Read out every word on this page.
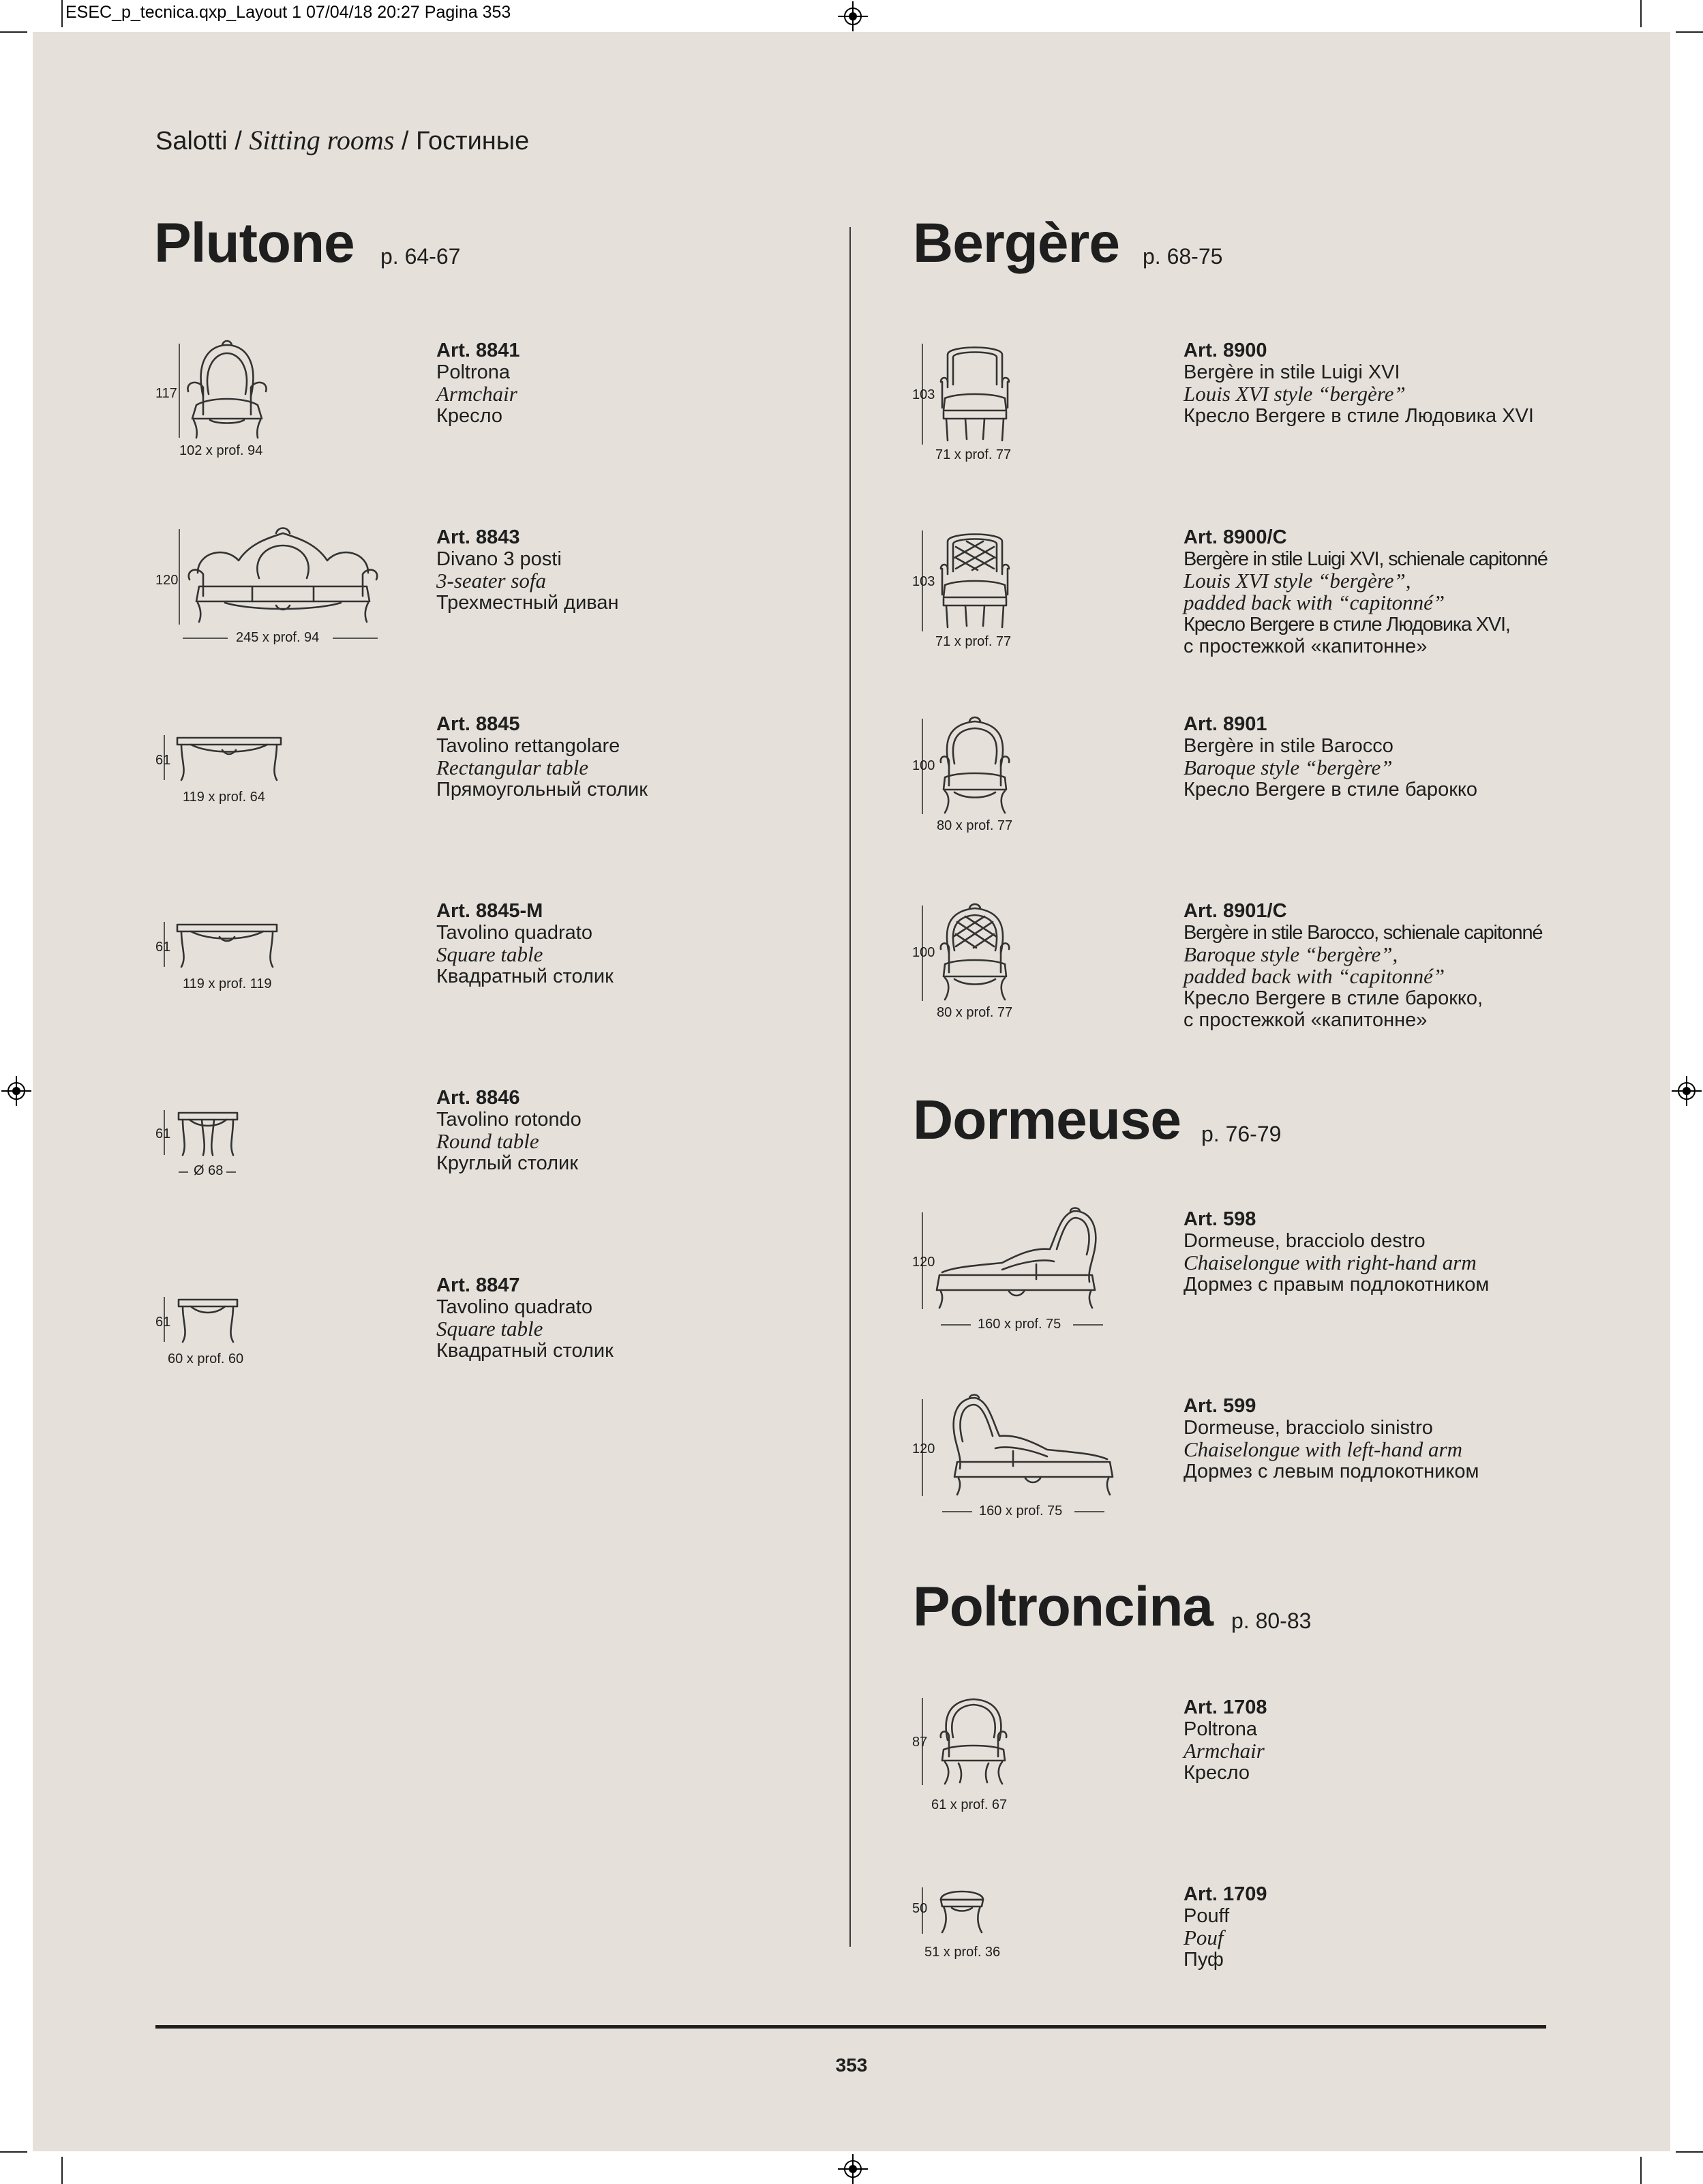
ESEC_p_tecnica.qxp_Layout 1 07/04/18 20:27 Pagina 353
Salotti / Sitting rooms / Гостиные
Plutone p. 64-67	Bergère p. 68-75
Dormeuse p. 76-79
Poltroncina p. 80-83
117
102 x prof. 94
Art. 8841
Poltrona
Armchair
Кресло
120
245 x prof. 94
Art. 8843
Divano 3 posti
3-seater sofa
Трехместный диван
61
119 x prof. 64
Art. 8845
Tavolino rettangolare
Rectangular table
Прямоугольный столик
61
119 x prof. 119
Art. 8845-M
Tavolino quadrato
Square table
Квадратный столик
61
Ø 68
Art. 8846
Tavolino rotondo
Round table
Круглый столик
61
60 x prof. 60
Art. 8847
Tavolino quadrato
Square table
Квадратный столик
103
71 x prof. 77
Art. 8900
Bergère in stile Luigi XVI
Louis XVI style “bergère”
Кресло Bergere в стиле Людовика XVI
103
71 x prof. 77
Art. 8900/C
Bergère in stile Luigi XVI, schienale capitonné
Louis XVI style “bergère”,
padded back with “capitonné”
Кресло Bergere в стиле Людовика XVI,
с простежкой «капитонне»
100
80 x prof. 77
Art. 8901
Bergère in stile Barocco
Baroque style “bergère”
Кресло Bergere в стиле барокко
100
80 x prof. 77
Art. 8901/C
Bergère in stile Barocco, schienale capitonné
Baroque style “bergère”,
padded back with “capitonné”
Кресло Bergere в стиле барокко,
с простежкой «капитонне»
120
160 x prof. 75
Art. 598
Dormeuse, bracciolo destro
Chaiselongue with right-hand arm
Дормез с правым подлокотником
120
160 x prof. 75
Art. 599
Dormeuse, bracciolo sinistro
Chaiselongue with left-hand arm
Дормез с левым подлокотником
87
61 x prof. 67
Art. 1708
Poltrona
Armchair
Кресло
50
51 x prof. 36
Art. 1709
Pouff
Pouf
Пуф
353
